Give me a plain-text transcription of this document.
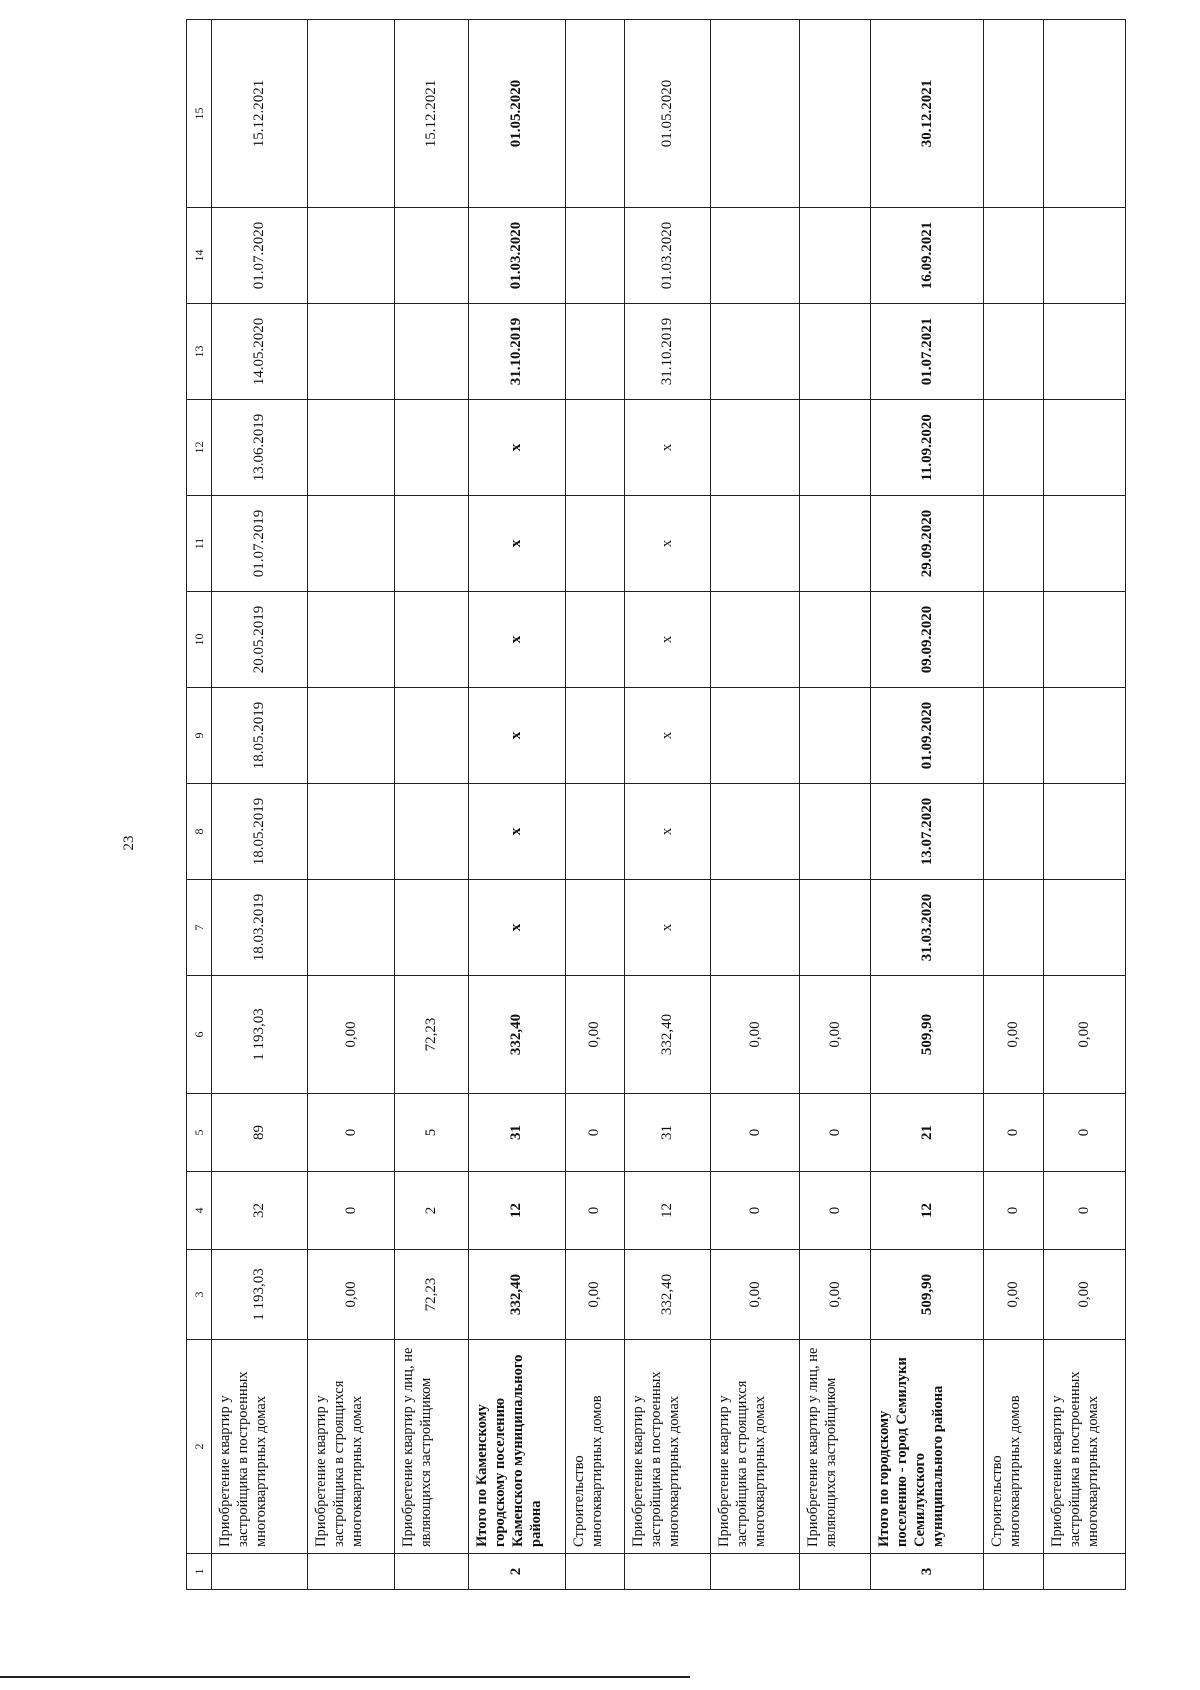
23
1	2	3	4	5	6	7	8	9	10	11	12	13	14	15
	Приобретение квартир у застройщика в построенных многоквартирных домах	1 193,03	32	89	1 193,03	18.03.2019	18.05.2019	18.05.2019	20.05.2019	01.07.2019	13.06.2019	14.05.2020	01.07.2020	15.12.2021
	Приобретение квартир у застройщика в строящихся многоквартирных домах	0,00	0	0	0,00									
	Приобретение квартир у лиц, не являющихся застройщиком	72,23	2	5	72,23									15.12.2021
2	Итого по Каменскому городскому поселению Каменского муниципального района	332,40	12	31	332,40	x	x	x	x	x	x	31.10.2019	01.03.2020	01.05.2020
	Строительство многоквартирных домов	0,00	0	0	0,00									
	Приобретение квартир у застройщика в построенных многоквартирных домах	332,40	12	31	332,40	x	x	x	x	x	x	31.10.2019	01.03.2020	01.05.2020
	Приобретение квартир у застройщика в строящихся многоквартирных домах	0,00	0	0	0,00									
	Приобретение квартир у лиц, не являющихся застройщиком	0,00	0	0	0,00									
3	Итого по городскому поселению - город Семилуки Семилукского муниципального района	509,90	12	21	509,90	31.03.2020	13.07.2020	01.09.2020	09.09.2020	29.09.2020	11.09.2020	01.07.2021	16.09.2021	30.12.2021
	Строительство многоквартирных домов	0,00	0	0	0,00									
	Приобретение квартир у застройщика в построенных многоквартирных домах	0,00	0	0	0,00									
